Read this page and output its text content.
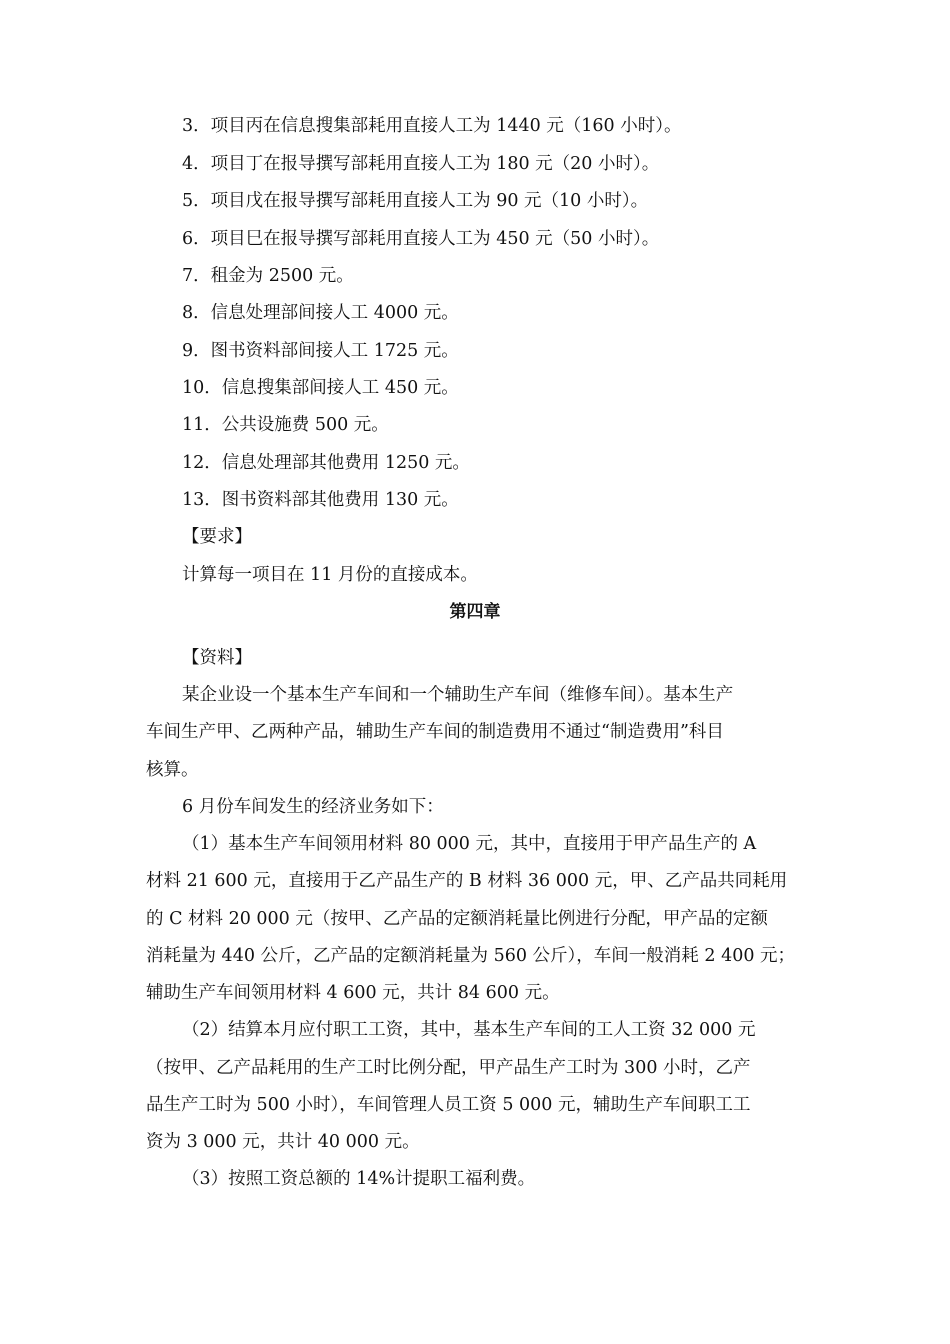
3．项目丙在信息搜集部耗用直接人工为 1440 元（160 小时）。
4．项目丁在报导撰写部耗用直接人工为 180 元（20 小时）。
5．项目戊在报导撰写部耗用直接人工为 90 元（10 小时）。
6．项目巳在报导撰写部耗用直接人工为 450 元（50 小时）。
7．租金为 2500 元。
8．信息处理部间接人工 4000 元。
9．图书资料部间接人工 1725 元。
10．信息搜集部间接人工 450 元。
11．公共设施费 500 元。
12．信息处理部其他费用 1250 元。
13．图书资料部其他费用 130 元。
【要求】
计算每一项目在 11 月份的直接成本。
第四章
【资料】
某企业设一个基本生产车间和一个辅助生产车间（维修车间）。基本生产
车间生产甲、乙两种产品，辅助生产车间的制造费用不通过“制造费用”科目
核算。
6 月份车间发生的经济业务如下：
（1）基本生产车间领用材料 80 000 元，其中，直接用于甲产品生产的 A
材料 21 600 元，直接用于乙产品生产的 B 材料 36 000 元，甲、乙产品共同耗用
的 C 材料 20 000 元（按甲、乙产品的定额消耗量比例进行分配，甲产品的定额
消耗量为 440 公斤，乙产品的定额消耗量为 560 公斤），车间一般消耗 2 400 元；
辅助生产车间领用材料 4 600 元，共计 84 600 元。
（2）结算本月应付职工工资，其中，基本生产车间的工人工资 32 000 元
（按甲、乙产品耗用的生产工时比例分配，甲产品生产工时为 300 小时，乙产
品生产工时为 500 小时），车间管理人员工资 5 000 元，辅助生产车间职工工
资为 3 000 元，共计 40 000 元。
（3）按照工资总额的 14%计提职工福利费。
